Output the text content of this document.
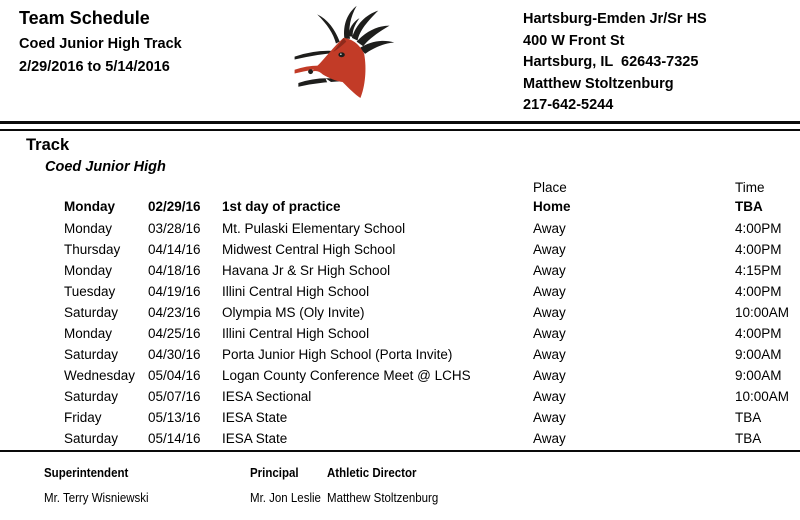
Team Schedule
Coed Junior High Track
2/29/2016 to 5/14/2016
Hartsburg-Emden Jr/Sr HS
400 W Front St
Hartsburg, IL  62643-7325
Matthew Stoltzenburg
217-642-5244
Track
Coed Junior High
Place	Time
Monday	02/29/16	1st day of practice	Home	TBA
Monday	03/28/16	Mt. Pulaski Elementary School	Away	4:00PM
Thursday	04/14/16	Midwest Central High School	Away	4:00PM
Monday	04/18/16	Havana Jr & Sr High School	Away	4:15PM
Tuesday	04/19/16	Illini Central High School	Away	4:00PM
Saturday	04/23/16	Olympia MS (Oly Invite)	Away	10:00AM
Monday	04/25/16	Illini Central High School	Away	4:00PM
Saturday	04/30/16	Porta Junior High School (Porta Invite)	Away	9:00AM
Wednesday 05/04/16	Logan County Conference Meet @ LCHS	Away	9:00AM
Saturday	05/07/16	IESA Sectional	Away	10:00AM
Friday	05/13/16	IESA State	Away	TBA
Saturday	05/14/16	IESA State	Away	TBA
Superintendent
Mr. Terry Wisniewski
Principal
Mr. Jon Leslie
Athletic Director
Matthew Stoltzenburg
